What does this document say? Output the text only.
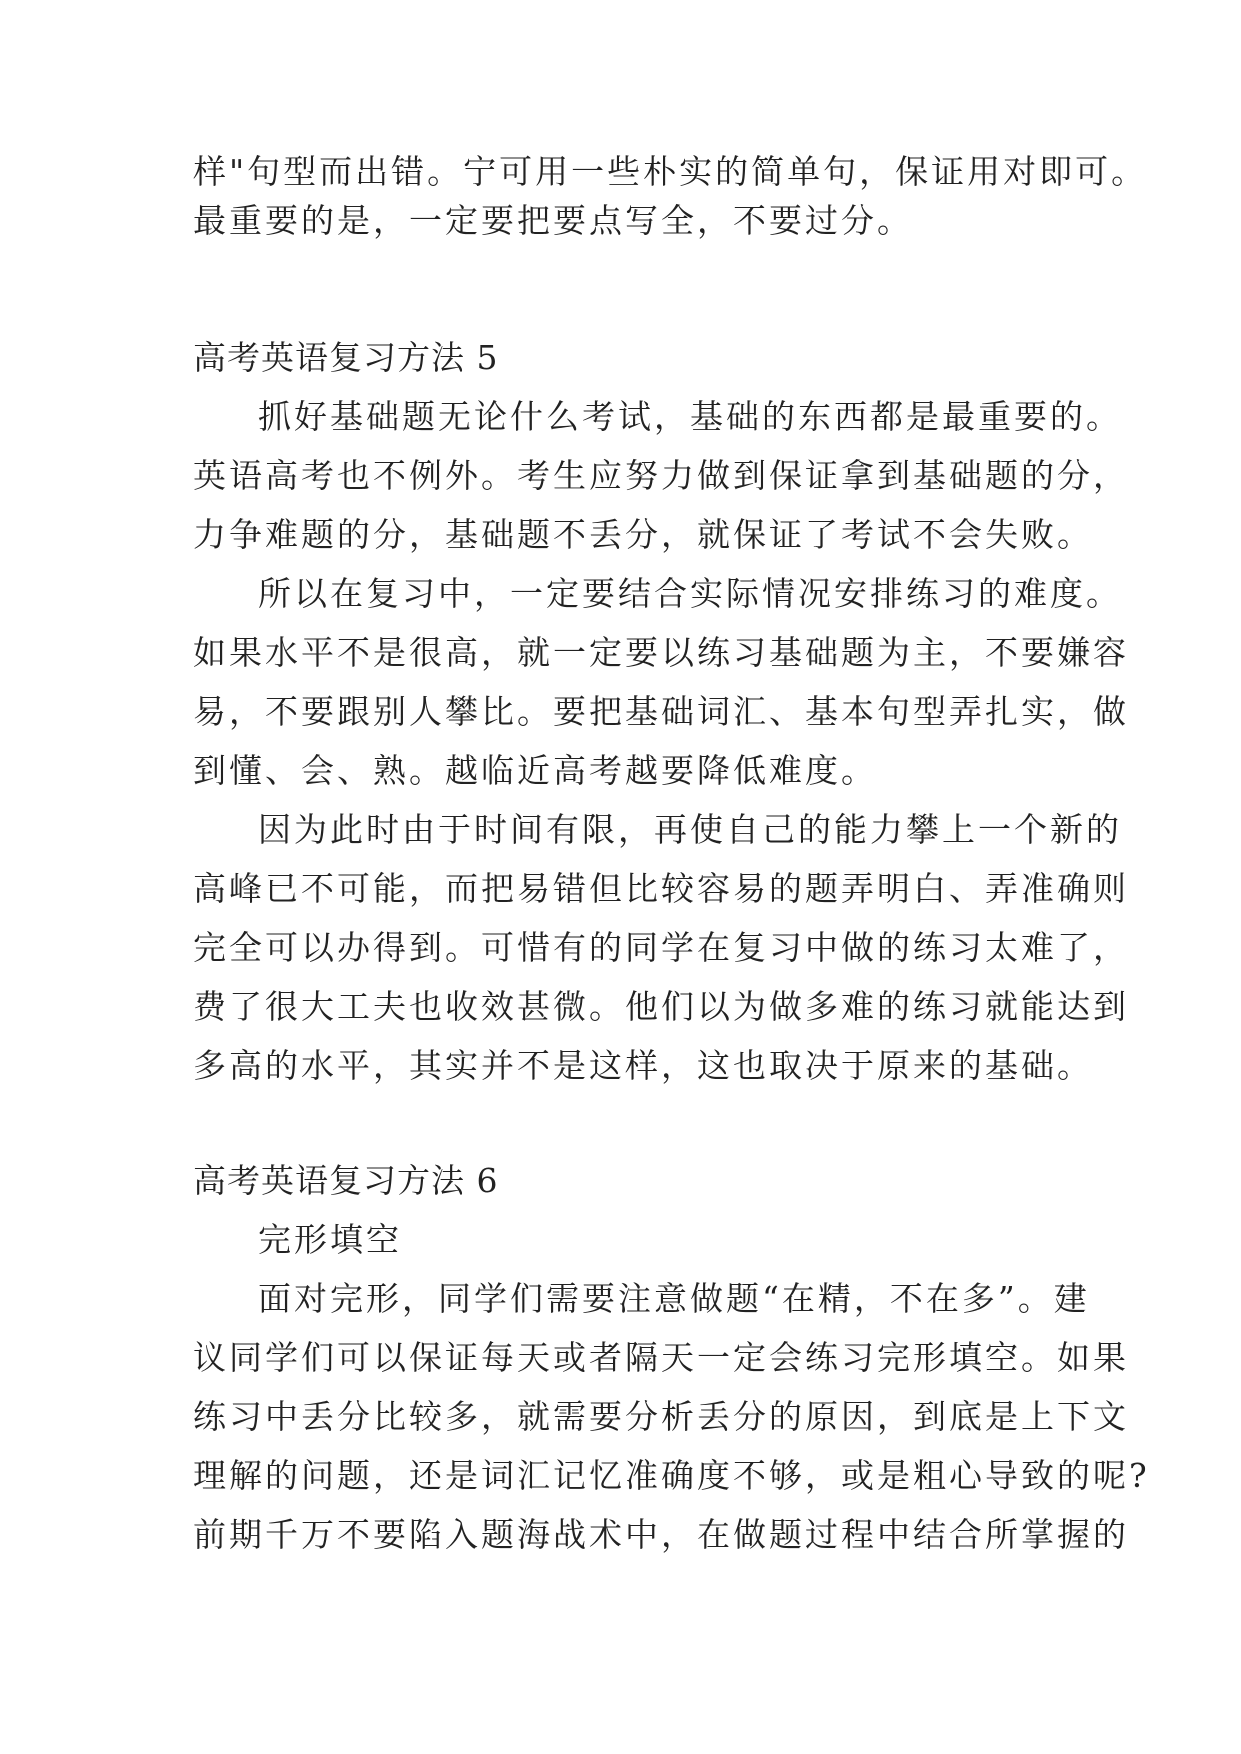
样"句型而出错。宁可用一些朴实的简单句，保证用对即可。
最重要的是，一定要把要点写全，不要过分。
高考英语复习方法 5
抓好基础题无论什么考试，基础的东西都是最重要的。
英语高考也不例外。考生应努力做到保证拿到基础题的分，
力争难题的分，基础题不丢分，就保证了考试不会失败。
所以在复习中，一定要结合实际情况安排练习的难度。
如果水平不是很高，就一定要以练习基础题为主，不要嫌容
易，不要跟别人攀比。要把基础词汇、基本句型弄扎实，做
到懂、会、熟。越临近高考越要降低难度。
因为此时由于时间有限，再使自己的能力攀上一个新的
高峰已不可能，而把易错但比较容易的题弄明白、弄准确则
完全可以办得到。可惜有的同学在复习中做的练习太难了，
费了很大工夫也收效甚微。他们以为做多难的练习就能达到
多高的水平，其实并不是这样，这也取决于原来的基础。
高考英语复习方法 6
完形填空
面对完形，同学们需要注意做题“在精，不在多”。建
议同学们可以保证每天或者隔天一定会练习完形填空。如果
练习中丢分比较多，就需要分析丢分的原因，到底是上下文
理解的问题，还是词汇记忆准确度不够，或是粗心导致的呢?
前期千万不要陷入题海战术中，在做题过程中结合所掌握的
